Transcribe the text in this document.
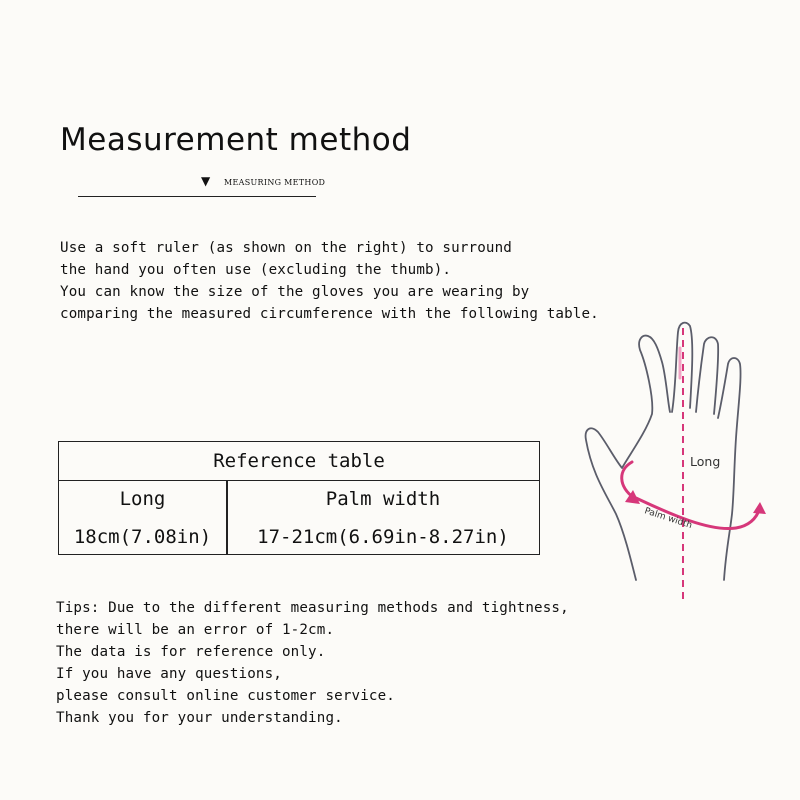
Measurement method
▼ MEASURING METHOD
Use a soft ruler (as shown on the right) to surround
the hand you often use (excluding the thumb).
You can know the size of the gloves you are wearing by
comparing the measured circumference with the following table.
Reference table
Long	Palm width
18cm(7.08in)	17-21cm(6.69in-8.27in)
Long
Palm width
Tips: Due to the different measuring methods and tightness,
there will be an error of 1-2cm.
The data is for reference only.
If you have any questions,
please consult online customer service.
Thank you for your understanding.
